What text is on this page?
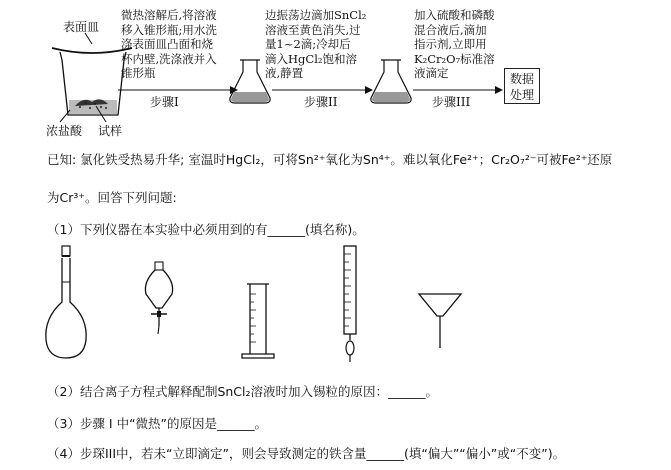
表面皿
浓盐酸 试样
微热溶解后,将溶液
移入锥形瓶;用水洗
涤表面皿凸面和烧
杯内壁,洗涤液并入
锥形瓶
步骤I
边振荡边滴加SnCl₂
溶液至黄色消失,过
量1~2滴;冷却后
滴入HgCl₂饱和溶
液,静置
步骤II
加入硫酸和磷酸
混合液后,滴加
指示剂,立即用
K₂Cr₂O₇标准溶
液滴定
步骤III
数据
处理
已知: 氯化铁受热易升华; 室温时HgCl₂，可将Sn²⁺氧化为Sn⁴⁺。难以氧化Fe²⁺；Cr₂O₇²⁻可被Fe²⁺还原
为Cr³⁺。回答下列问题:
（1）下列仪器在本实验中必须用到的有______(填名称)。
（2）结合离子方程式解释配制SnCl₂溶液时加入锡粒的原因：______。
（3）步骤 I 中“微热”的原因是______。
（4）步琛III中，若未“立即滴定”，则会导致测定的铁含量______(填“偏大”“偏小”或“不变”)。
